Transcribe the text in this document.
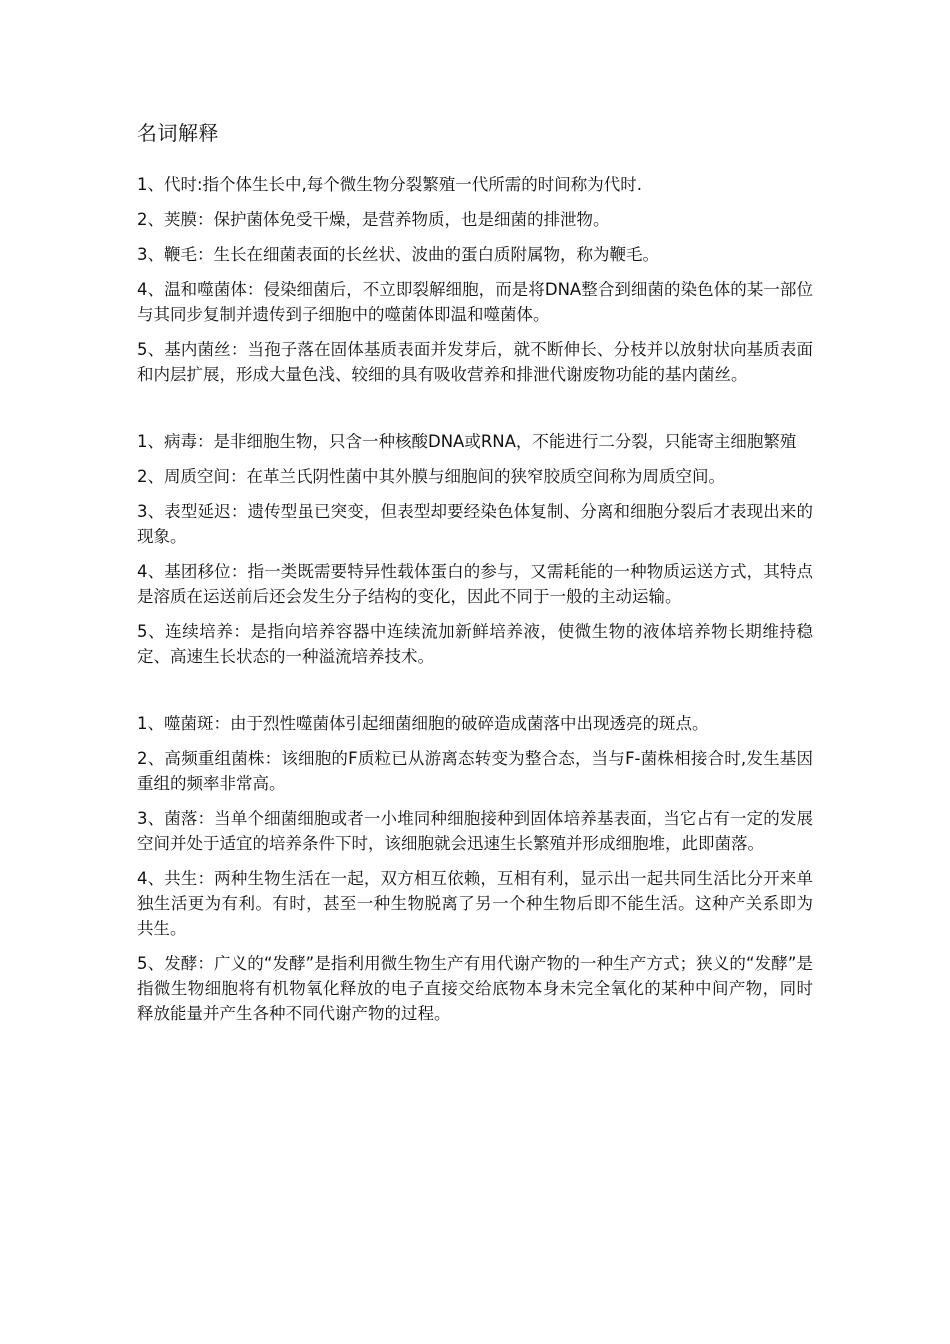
名词解释

1、代时:指个体生长中,每个微生物分裂繁殖一代所需的时间称为代时.

2、荚膜：保护菌体免受干燥，是营养物质，也是细菌的排泄物。

3、鞭毛：生长在细菌表面的长丝状、波曲的蛋白质附属物，称为鞭毛。

4、温和噬菌体：侵染细菌后，不立即裂解细胞，而是将DNA整合到细菌的染色体的某一部位与其同步复制并遗传到子细胞中的噬菌体即温和噬菌体。

5、基内菌丝：当孢子落在固体基质表面并发芽后，就不断伸长、分枝并以放射状向基质表面和内层扩展，形成大量色浅、较细的具有吸收营养和排泄代谢废物功能的基内菌丝。

1、病毒：是非细胞生物，只含一种核酸DNA或RNA，不能进行二分裂，只能寄主细胞繁殖

2、周质空间：在革兰氏阴性菌中其外膜与细胞间的狭窄胶质空间称为周质空间。

3、表型延迟：遗传型虽已突变，但表型却要经染色体复制、分离和细胞分裂后才表现出来的现象。

4、基团移位：指一类既需要特异性载体蛋白的参与，又需耗能的一种物质运送方式，其特点是溶质在运送前后还会发生分子结构的变化，因此不同于一般的主动运输。

5、连续培养：是指向培养容器中连续流加新鲜培养液，使微生物的液体培养物长期维持稳定、高速生长状态的一种溢流培养技术。

1、噬菌斑：由于烈性噬菌体引起细菌细胞的破碎造成菌落中出现透亮的斑点。

2、高频重组菌株：该细胞的F质粒已从游离态转变为整合态，当与F-菌株相接合时,发生基因重组的频率非常高。

3、菌落：当单个细菌细胞或者一小堆同种细胞接种到固体培养基表面，当它占有一定的发展空间并处于适宜的培养条件下时，该细胞就会迅速生长繁殖并形成细胞堆，此即菌落。

4、共生：两种生物生活在一起，双方相互依赖，互相有利，显示出一起共同生活比分开来单独生活更为有利。有时，甚至一种生物脱离了另一个种生物后即不能生活。这种产关系即为共生。

5、发酵：广义的“发酵”是指利用微生物生产有用代谢产物的一种生产方式；狭义的“发酵”是指微生物细胞将有机物氧化释放的电子直接交给底物本身未完全氧化的某种中间产物，同时释放能量并产生各种不同代谢产物的过程。
